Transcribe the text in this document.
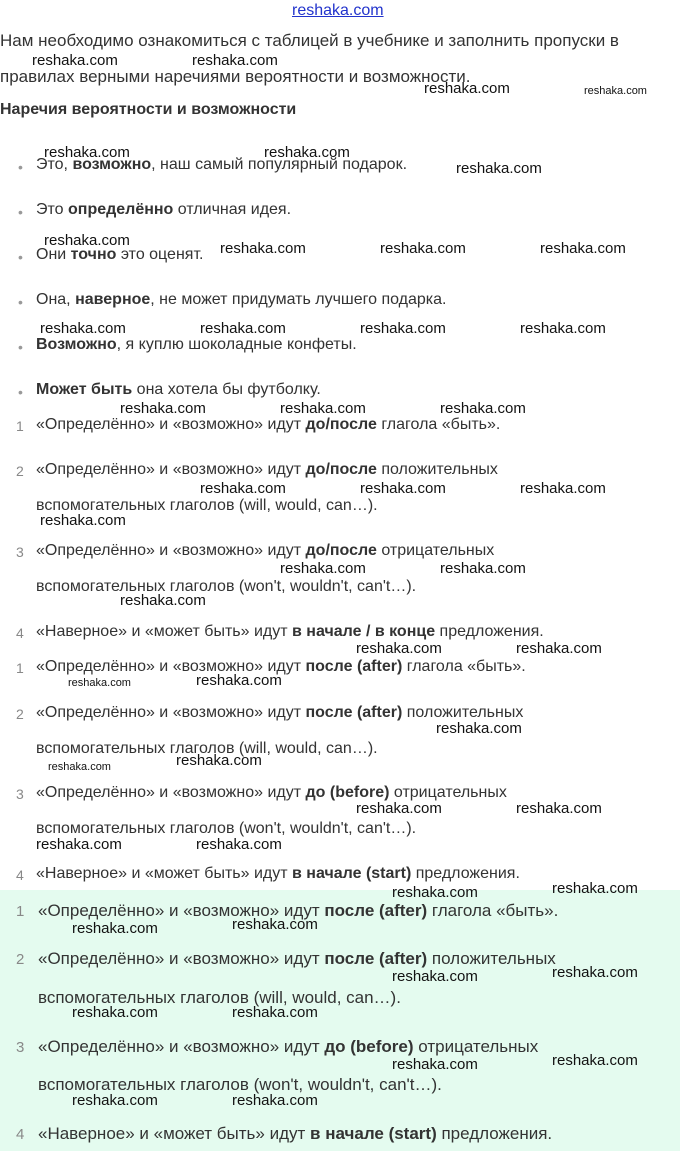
reshaka.com
Нам необходимо ознакомиться с таблицей в учебнике и заполнить пропуски в
правилах верными наречиями вероятности и возможности.
Наречия вероятности и возможности
• Это, возможно, наш самый популярный подарок.
• Это определённо отличная идея.
• Они точно это оценят.
• Она, наверное, не может придумать лучшего подарка.
• Возможно, я куплю шоколадные конфеты.
• Может быть она хотела бы футболку.
1 «Определённо» и «возможно» идут до/после глагола «быть».
2 «Определённо» и «возможно» идут до/после положительных
вспомогательных глаголов (will, would, can…).
3 «Определённо» и «возможно» идут до/после отрицательных
вспомогательных глаголов (won't, wouldn't, can't…).
4 «Наверное» и «может быть» идут в начале / в конце предложения.
1 «Определённо» и «возможно» идут после (after) глагола «быть».
2 «Определённо» и «возможно» идут после (after) положительных
вспомогательных глаголов (will, would, can…).
3 «Определённо» и «возможно» идут до (before) отрицательных
вспомогательных глаголов (won't, wouldn't, can't…).
4 «Наверное» и «может быть» идут в начале (start) предложения.
1 «Определённо» и «возможно» идут после (after) глагола «быть».
2 «Определённо» и «возможно» идут после (after) положительных
вспомогательных глаголов (will, would, can…).
3 «Определённо» и «возможно» идут до (before) отрицательных
вспомогательных глаголов (won't, wouldn't, can't…).
4 «Наверное» и «может быть» идут в начале (start) предложения.
reshaka.com	reshaka.com
reshaka.com	reshaka.com
reshaka.com	reshaka.com
reshaka.com
reshaka.com	reshaka.com	reshaka.com	reshaka.com
reshaka.com	reshaka.com	reshaka.com	reshaka.com
reshaka.com	reshaka.com	reshaka.com
reshaka.com	reshaka.com	reshaka.com
reshaka.com
reshaka.com	reshaka.com
reshaka.com
reshaka.com	reshaka.com
reshaka.com	reshaka.com
reshaka.com
reshaka.com	reshaka.com
reshaka.com	reshaka.com
reshaka.com	reshaka.com
reshaka.com	reshaka.com
reshaka.com	reshaka.com
reshaka.com	reshaka.com
reshaka.com	reshaka.com
reshaka.com	reshaka.com
reshaka.com	reshaka.com
